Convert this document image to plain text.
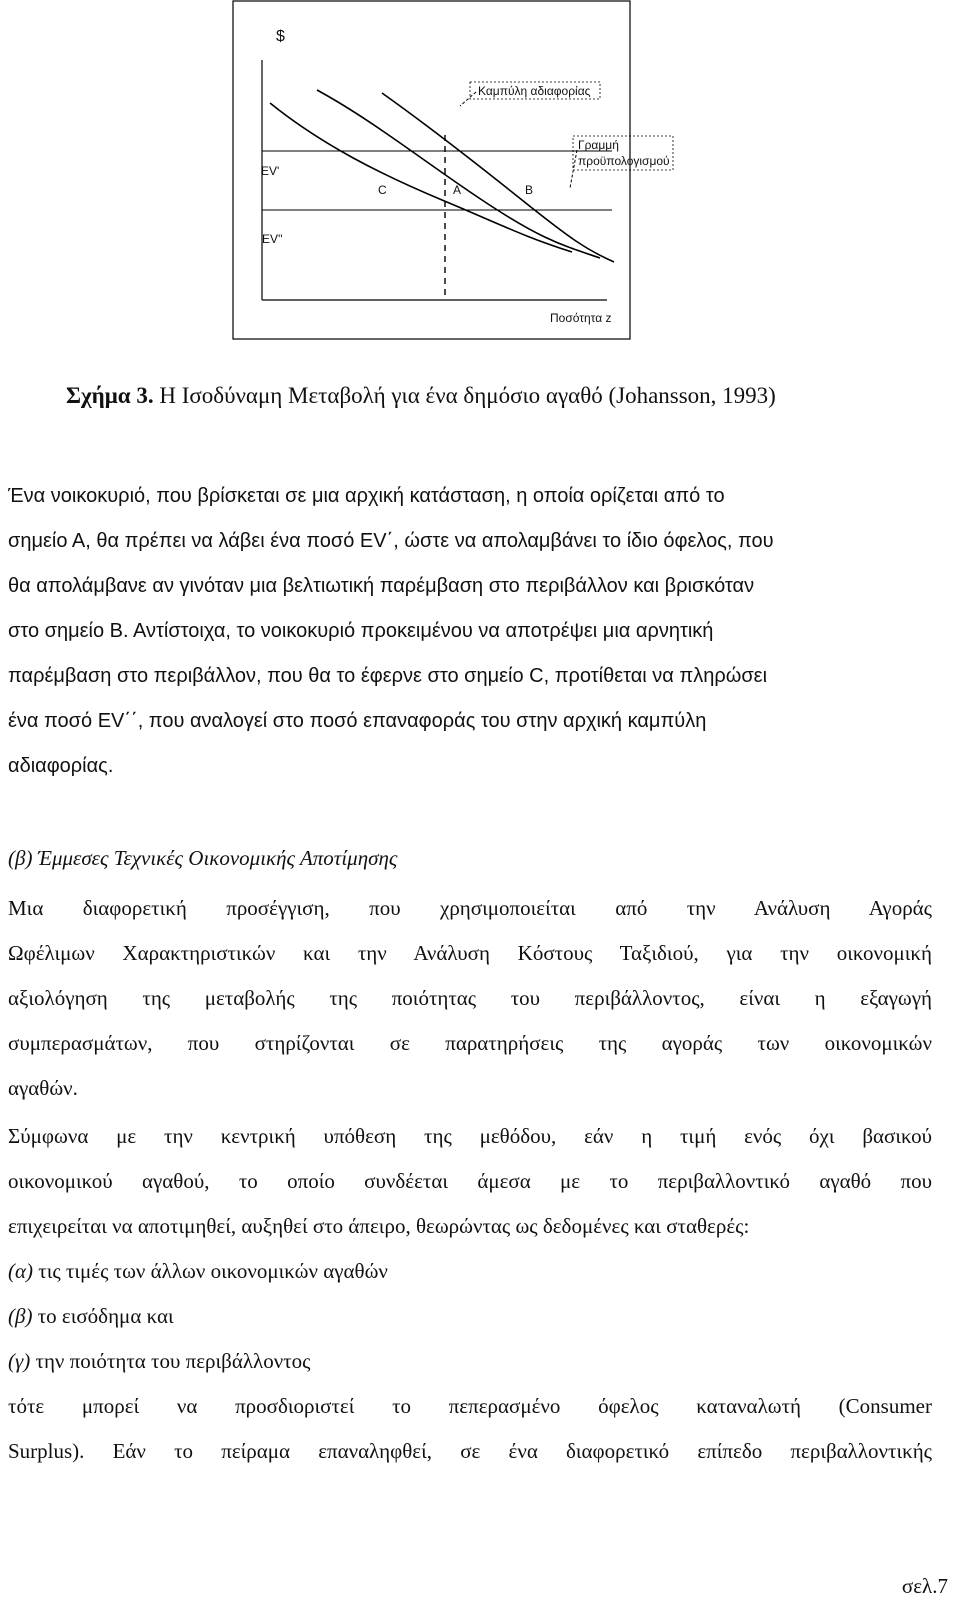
$
Καμπύλη αδιαφορίας
Γραμμή
προϋπολογισμού
EV'
EV''
C	A	B
Ποσότητα z
Σχήμα 3. Η Ισοδύναμη Μεταβολή για ένα δημόσιο αγαθό (Johansson, 1993)
Ένα νοικοκυριό, που βρίσκεται σε μια αρχική κατάσταση, η οποία ορίζεται από το
σημείο Α, θα πρέπει να λάβει ένα ποσό EV΄, ώστε να απολαμβάνει το ίδιο όφελος, που
θα απολάμβανε αν γινόταν μια βελτιωτική παρέμβαση στο περιβάλλον και βρισκόταν
στο σημείο Β. Αντίστοιχα, το νοικοκυριό προκειμένου να αποτρέψει μια αρνητική
παρέμβαση στο περιβάλλον, που θα το έφερνε στο σημείο C, προτίθεται να πληρώσει
ένα ποσό EV΄΄, που αναλογεί στο ποσό επαναφοράς του στην αρχική καμπύλη
αδιαφορίας.
(β) Έμμεσες Τεχνικές Οικονομικής Αποτίμησης
Μια διαφορετική προσέγγιση, που χρησιμοποιείται από την Ανάλυση Αγοράς
Ωφέλιμων Χαρακτηριστικών και την Ανάλυση Κόστους Ταξιδιού, για την οικονομική
αξιολόγηση της μεταβολής της ποιότητας του περιβάλλοντος, είναι η εξαγωγή
συμπερασμάτων, που στηρίζονται σε παρατηρήσεις της αγοράς των οικονομικών
αγαθών.
Σύμφωνα με την κεντρική υπόθεση της μεθόδου, εάν η τιμή ενός όχι βασικού
οικονομικού αγαθού, το οποίο συνδέεται άμεσα με το περιβαλλοντικό αγαθό που
επιχειρείται να αποτιμηθεί, αυξηθεί στο άπειρο, θεωρώντας ως δεδομένες και σταθερές:
(α) τις τιμές των άλλων οικονομικών αγαθών
(β) το εισόδημα και
(γ) την ποιότητα του περιβάλλοντος
τότε μπορεί να προσδιοριστεί το πεπερασμένο όφελος καταναλωτή (Consumer
Surplus). Εάν το πείραμα επαναληφθεί, σε ένα διαφορετικό επίπεδο περιβαλλοντικής
σελ.7
